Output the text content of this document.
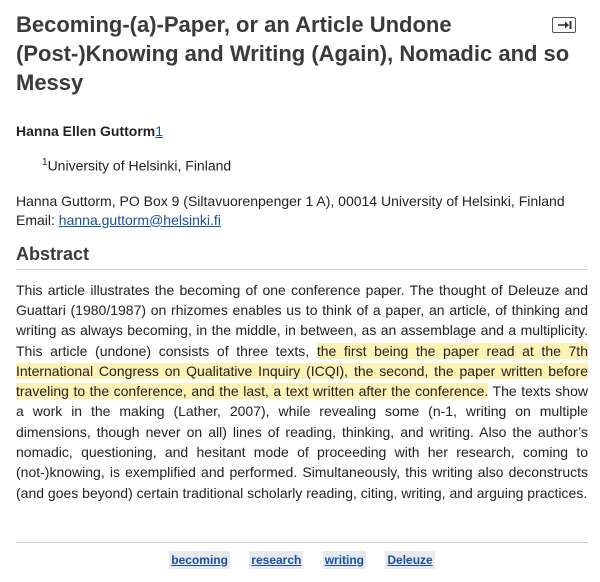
Becoming-(a)-Paper, or an Article Undone
(Post-)Knowing and Writing (Again), Nomadic and so
Messy
Hanna Ellen Guttorm1
$^1$University of Helsinki, Finland
Hanna Guttorm, PO Box 9 (Siltavuorenpenger 1 A), 00014 University of Helsinki, Finland Email: hanna.guttorm@helsinki.fi
Abstract
This article illustrates the becoming of one conference paper. The thought of Deleuze and Guattari (1980/1987) on rhizomes enables us to think of a paper, an article, of thinking and writing as always becoming, in the middle, in between, as an assemblage and a multiplicity. This article (undone) consists of three texts, the first being the paper read at the 7th International Congress on Qualitative Inquiry (ICQI), the second, the paper written before traveling to the conference, and the last, a text written after the conference. The texts show a work in the making (Lather, 2007), while revealing some (n-1, writing on multiple dimensions, though never on all) lines of reading, thinking, and writing. Also the author’s nomadic, questioning, and hesitant mode of proceeding with her research, coming to (not-)knowing, is exemplified and performed. Simultaneously, this writing also deconstructs (and goes beyond) certain traditional scholarly reading, citing, writing, and arguing practices.
becoming research writing Deleuze
